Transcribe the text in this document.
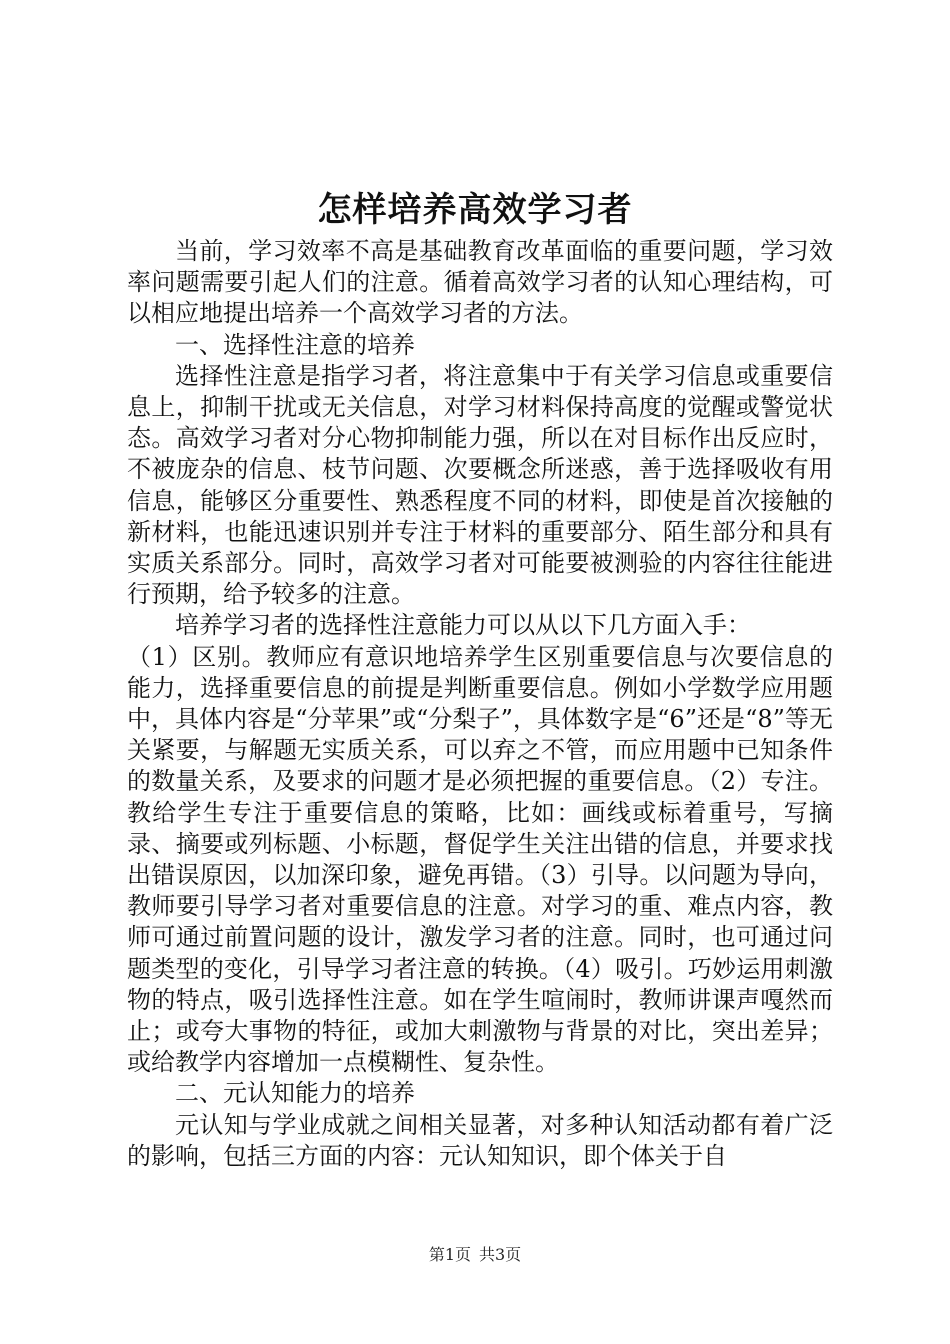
怎样培养高效学习者

当前，学习效率不高是基础教育改革面临的重要问题，学习效率问题需要引起人们的注意。循着高效学习者的认知心理结构，可以相应地提出培养一个高效学习者的方法。

一、选择性注意的培养

选择性注意是指学习者，将注意集中于有关学习信息或重要信息上，抑制干扰或无关信息，对学习材料保持高度的觉醒或警觉状态。高效学习者对分心物抑制能力强，所以在对目标作出反应时，不被庞杂的信息、枝节问题、次要概念所迷惑，善于选择吸收有用信息，能够区分重要性、熟悉程度不同的材料，即使是首次接触的新材料，也能迅速识别并专注于材料的重要部分、陌生部分和具有实质关系部分。同时，高效学习者对可能要被测验的内容往往能进行预期，给予较多的注意。

培养学习者的选择性注意能力可以从以下几方面入手：

（1）区别。教师应有意识地培养学生区别重要信息与次要信息的能力，选择重要信息的前提是判断重要信息。例如小学数学应用题中，具体内容是“分苹果”或“分梨子”，具体数字是“6”还是“8”等无关紧要，与解题无实质关系，可以弃之不管，而应用题中已知条件的数量关系，及要求的问题才是必须把握的重要信息。（2）专注。教给学生专注于重要信息的策略，比如：画线或标着重号，写摘录、摘要或列标题、小标题，督促学生关注出错的信息，并要求找出错误原因，以加深印象，避免再错。（3）引导。以问题为导向，教师要引导学习者对重要信息的注意。对学习的重、难点内容，教师可通过前置问题的设计，激发学习者的注意。同时，也可通过问题类型的变化，引导学习者注意的转换。（4）吸引。巧妙运用刺激物的特点，吸引选择性注意。如在学生喧闹时，教师讲课声嘎然而止；或夸大事物的特征，或加大刺激物与背景的对比，突出差异；或给教学内容增加一点模糊性、复杂性。

二、元认知能力的培养

元认知与学业成就之间相关显著，对多种认知活动都有着广泛的影响，包括三方面的内容：元认知知识，即个体关于自

第1页 共3页
